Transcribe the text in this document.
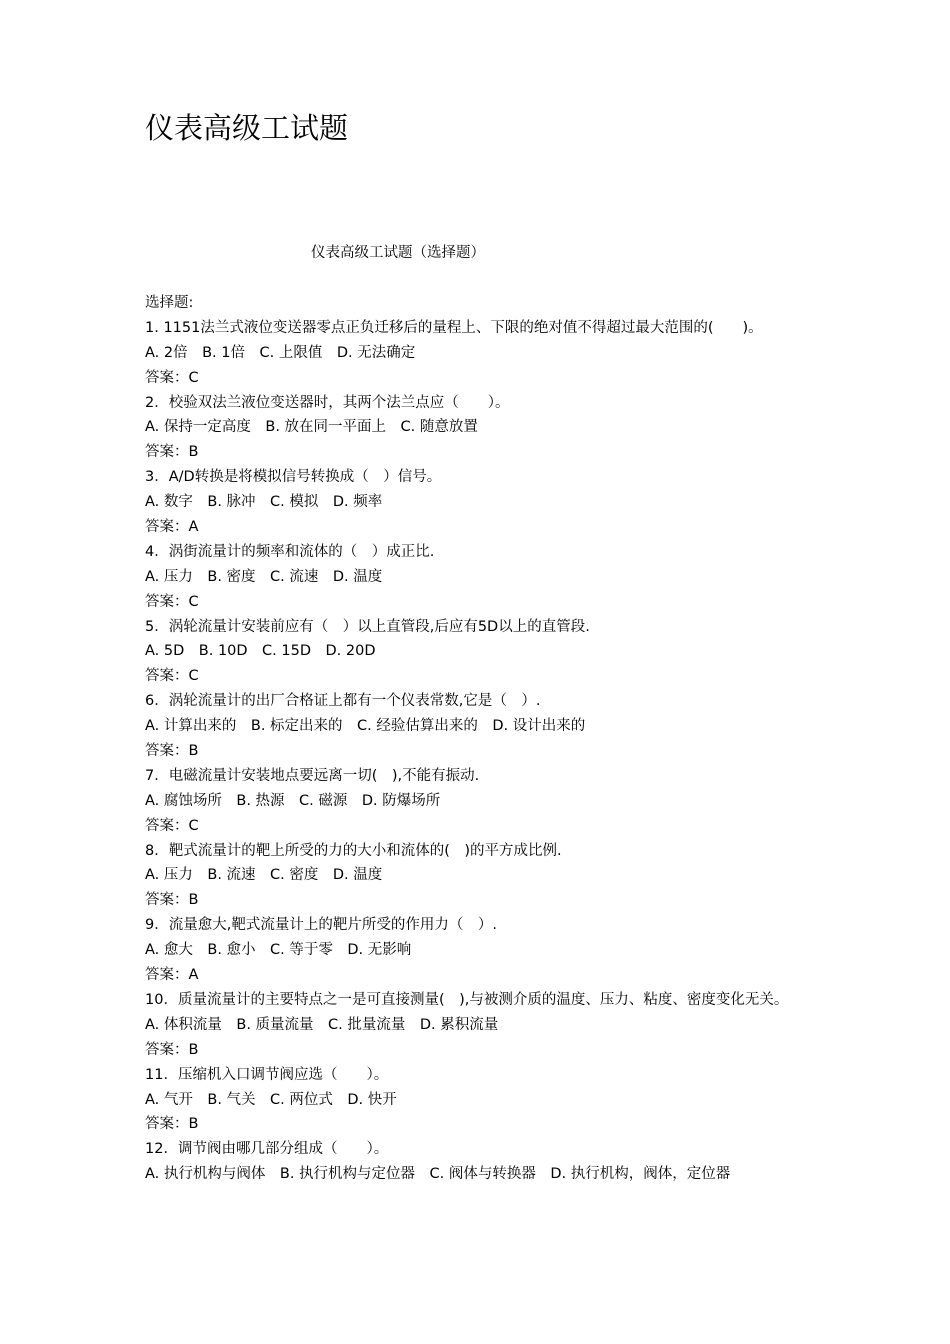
仪表高级工试题
仪表高级工试题（选择题）
选择题:
1. 1151法兰式液位变送器零点正负迁移后的量程上、下限的绝对值不得超过最大范围的(　　)。
A. 2倍　B. 1倍　C. 上限值　D. 无法确定
答案：C
2．校验双法兰液位变送器时，其两个法兰点应（　　）。
A. 保持一定高度　B. 放在同一平面上　C. 随意放置
答案：B
3．A/D转换是将模拟信号转换成（　）信号。
A. 数字　B. 脉冲　C. 模拟　D. 频率
答案：A
4．涡街流量计的频率和流体的（　）成正比.
A. 压力　B. 密度　C. 流速　D. 温度
答案：C
5．涡轮流量计安装前应有（　）以上直管段,后应有5D以上的直管段.
A. 5D　B. 10D　C. 15D　D. 20D
答案：C
6．涡轮流量计的出厂合格证上都有一个仪表常数,它是（　）.
A. 计算出来的　B. 标定出来的　C. 经验估算出来的　D. 设计出来的
答案：B
7．电磁流量计安装地点要远离一切(　),不能有振动.
A. 腐蚀场所　B. 热源　C. 磁源　D. 防爆场所
答案：C
8．靶式流量计的靶上所受的力的大小和流体的(　)的平方成比例.
A. 压力　B. 流速　C. 密度　D. 温度
答案：B
9．流量愈大,靶式流量计上的靶片所受的作用力（　）.
A. 愈大　B. 愈小　C. 等于零　D. 无影响
答案：A
10．质量流量计的主要特点之一是可直接测量(　),与被测介质的温度、压力、粘度、密度变化无关。
A. 体积流量　B. 质量流量　C. 批量流量　D. 累积流量
答案：B
11．压缩机入口调节阀应选（　　）。
A. 气开　B. 气关　C. 两位式　D. 快开
答案：B
12．调节阀由哪几部分组成（　　）。
A. 执行机构与阀体　B. 执行机构与定位器　C. 阀体与转换器　D. 执行机构，阀体，定位器
